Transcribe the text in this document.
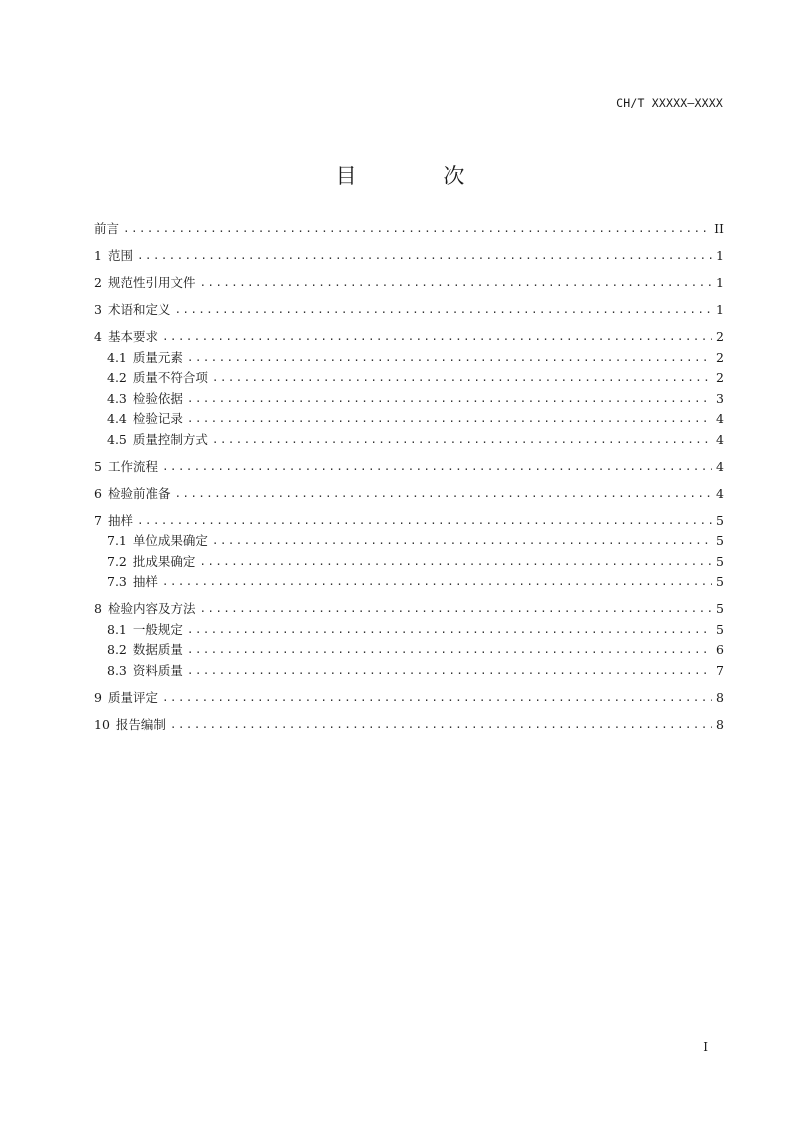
CH/T XXXXX—XXXX
目 次
前言 .....	II
1 范围 .....	1
2 规范性引用文件 .....	1
3 术语和定义 .....	1
4 基本要求 .....	2
4.1 质量元素 .....	2
4.2 质量不符合项 .....	2
4.3 检验依据 .....	3
4.4 检验记录 .....	4
4.5 质量控制方式 .....	4
5 工作流程 .....	4
6 检验前准备 .....	4
7 抽样 .....	5
7.1 单位成果确定 .....	5
7.2 批成果确定 .....	5
7.3 抽样 .....	5
8 检验内容及方法 .....	5
8.1 一般规定 .....	5
8.2 数据质量 .....	6
8.3 资料质量 .....	7
9 质量评定 .....	8
10 报告编制 .....	8
I
